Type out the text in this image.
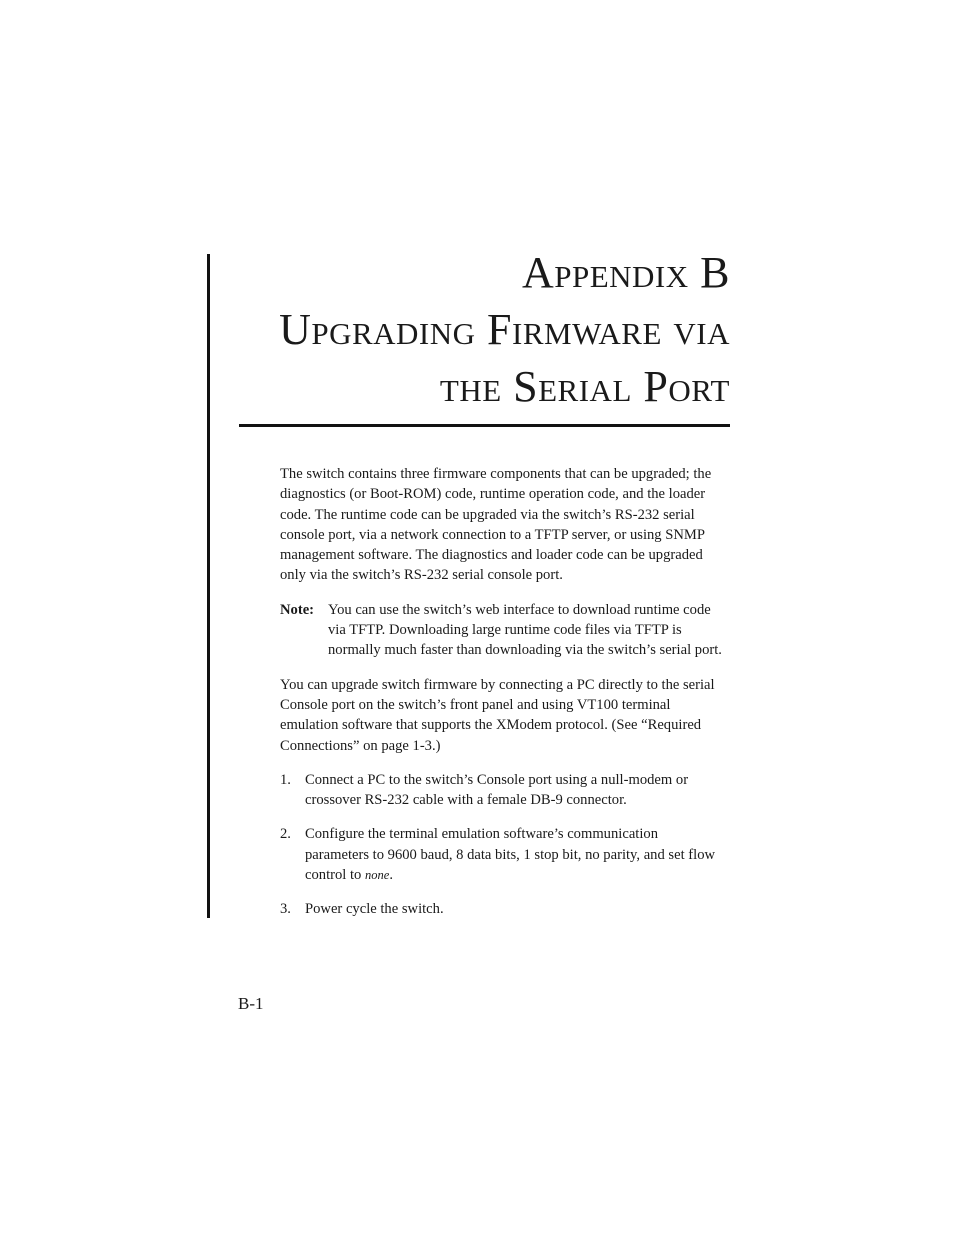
Appendix B
Upgrading Firmware via
the Serial Port

The switch contains three firmware components that can be upgraded; the
diagnostics (or Boot-ROM) code, runtime operation code, and the loader
code. The runtime code can be upgraded via the switch’s RS-232 serial
console port, via a network connection to a TFTP server, or using SNMP
management software. The diagnostics and loader code can be upgraded
only via the switch’s RS-232 serial console port.

Note: You can use the switch’s web interface to download runtime code
via TFTP. Downloading large runtime code files via TFTP is
normally much faster than downloading via the switch’s serial port.

You can upgrade switch firmware by connecting a PC directly to the serial
Console port on the switch’s front panel and using VT100 terminal
emulation software that supports the XModem protocol. (See “Required
Connections” on page 1-3.)

1. Connect a PC to the switch’s Console port using a null-modem or
crossover RS-232 cable with a female DB-9 connector.
2. Configure the terminal emulation software’s communication
parameters to 9600 baud, 8 data bits, 1 stop bit, no parity, and set flow
control to none.
3. Power cycle the switch.
B-1
